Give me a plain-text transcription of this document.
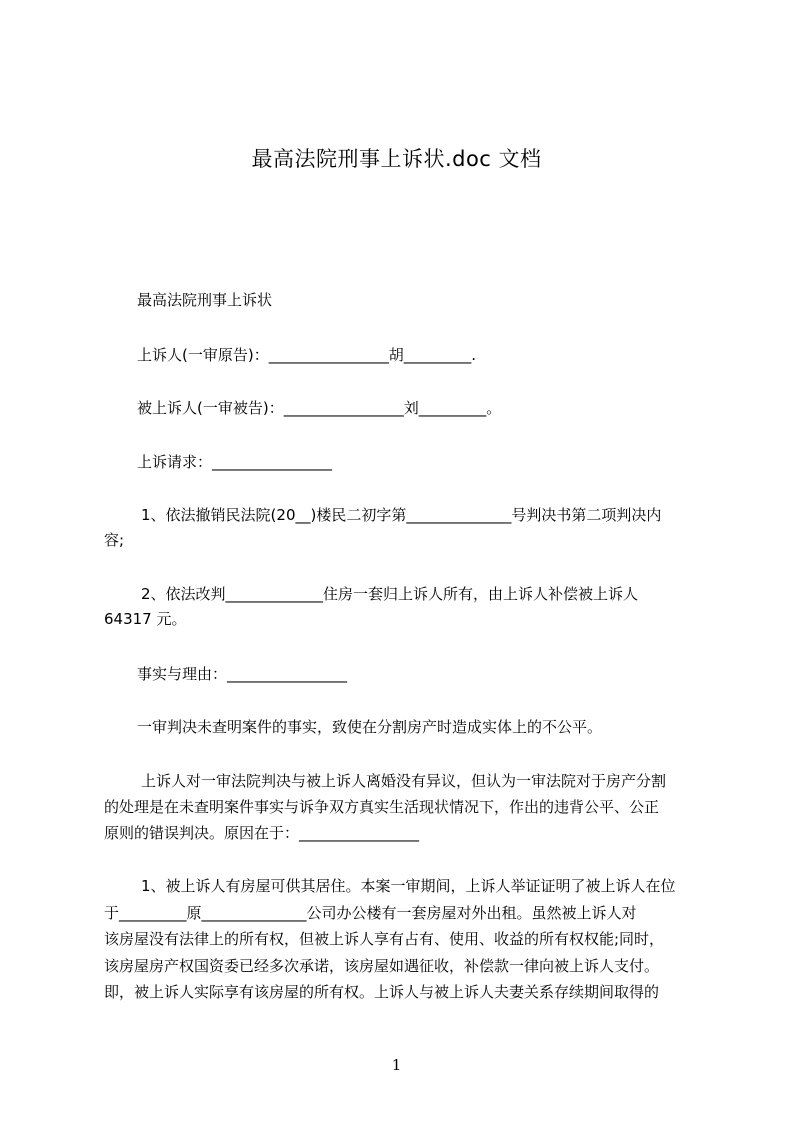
最高法院刑事上诉状.doc 文档
最高法院刑事上诉状
上诉人(一审原告)：________________胡_________.
被上诉人(一审被告)：________________刘_________。
上诉请求：________________
1、依法撤销民法院(20__)楼民二初字第______________号判决书第二项判决内
容;
2、依法改判_____________住房一套归上诉人所有，由上诉人补偿被上诉人
64317 元。
事实与理由：________________
一审判决未查明案件的事实，致使在分割房产时造成实体上的不公平。
上诉人对一审法院判决与被上诉人离婚没有异议，但认为一审法院对于房产分割
的处理是在未查明案件事实与诉争双方真实生活现状情况下，作出的违背公平、公正
原则的错误判决。原因在于：________________
1、被上诉人有房屋可供其居住。本案一审期间，上诉人举证证明了被上诉人在位
于_________原______________公司办公楼有一套房屋对外出租。虽然被上诉人对
该房屋没有法律上的所有权，但被上诉人享有占有、使用、收益的所有权权能;同时，
该房屋房产权国资委已经多次承诺，该房屋如遇征收，补偿款一律向被上诉人支付。
即，被上诉人实际享有该房屋的所有权。上诉人与被上诉人夫妻关系存续期间取得的
1
